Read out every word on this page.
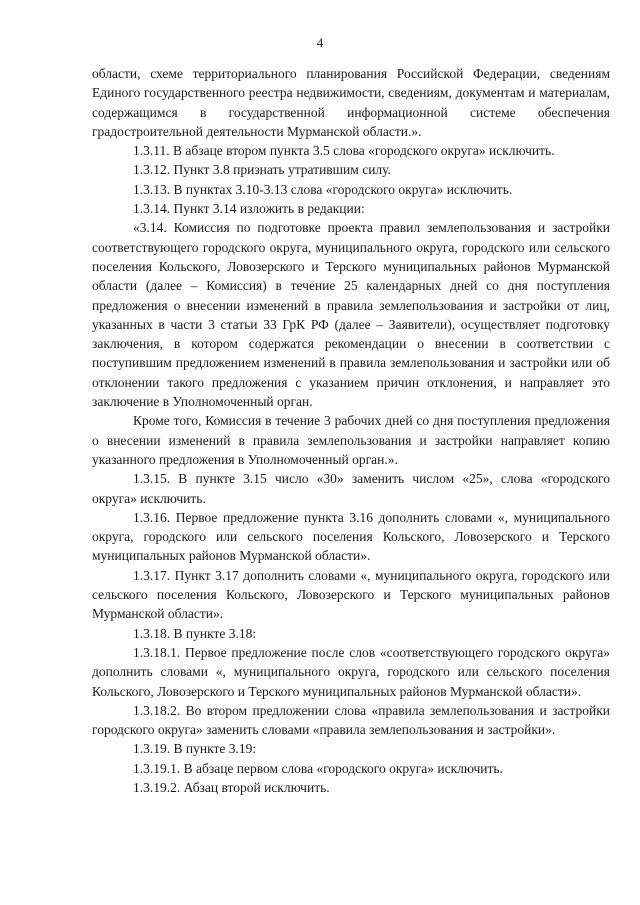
4

области, схеме территориального планирования Российской Федерации, сведениям Единого государственного реестра недвижимости, сведениям, документам и материалам, содержащимся в государственной информационной системе обеспечения градостроительной деятельности Мурманской области.».

1.3.11. В абзаце втором пункта 3.5 слова «городского округа» исключить.

1.3.12. Пункт 3.8 признать утратившим силу.

1.3.13. В пунктах 3.10-3.13 слова «городского округа» исключить.

1.3.14. Пункт 3.14 изложить в редакции:

«3.14. Комиссия по подготовке проекта правил землепользования и застройки соответствующего городского округа, муниципального округа, городского или сельского поселения Кольского, Ловозерского и Терского муниципальных районов Мурманской области (далее – Комиссия) в течение 25 календарных дней со дня поступления предложения о внесении изменений в правила землепользования и застройки от лиц, указанных в части 3 статьи 33 ГрК РФ (далее – Заявители), осуществляет подготовку заключения, в котором содержатся рекомендации о внесении в соответствии с поступившим предложением изменений в правила землепользования и застройки или об отклонении такого предложения с указанием причин отклонения, и направляет это заключение в Уполномоченный орган.

Кроме того, Комиссия в течение 3 рабочих дней со дня поступления предложения о внесении изменений в правила землепользования и застройки направляет копию указанного предложения в Уполномоченный орган.».

1.3.15. В пункте 3.15 число «30» заменить числом «25», слова «городского округа» исключить.

1.3.16. Первое предложение пункта 3.16 дополнить словами «, муниципального округа, городского или сельского поселения Кольского, Ловозерского и Терского муниципальных районов Мурманской области».

1.3.17. Пункт 3.17 дополнить словами «, муниципального округа, городского или сельского поселения Кольского, Ловозерского и Терского муниципальных районов Мурманской области».

1.3.18. В пункте 3.18:

1.3.18.1. Первое предложение после слов «соответствующего городского округа» дополнить словами «, муниципального округа, городского или сельского поселения Кольского, Ловозерского и Терского муниципальных районов Мурманской области».

1.3.18.2. Во втором предложении слова «правила землепользования и застройки городского округа» заменить словами «правила землепользования и застройки».

1.3.19. В пункте 3.19:

1.3.19.1. В абзаце первом слова «городского округа» исключить.

1.3.19.2. Абзац второй исключить.
